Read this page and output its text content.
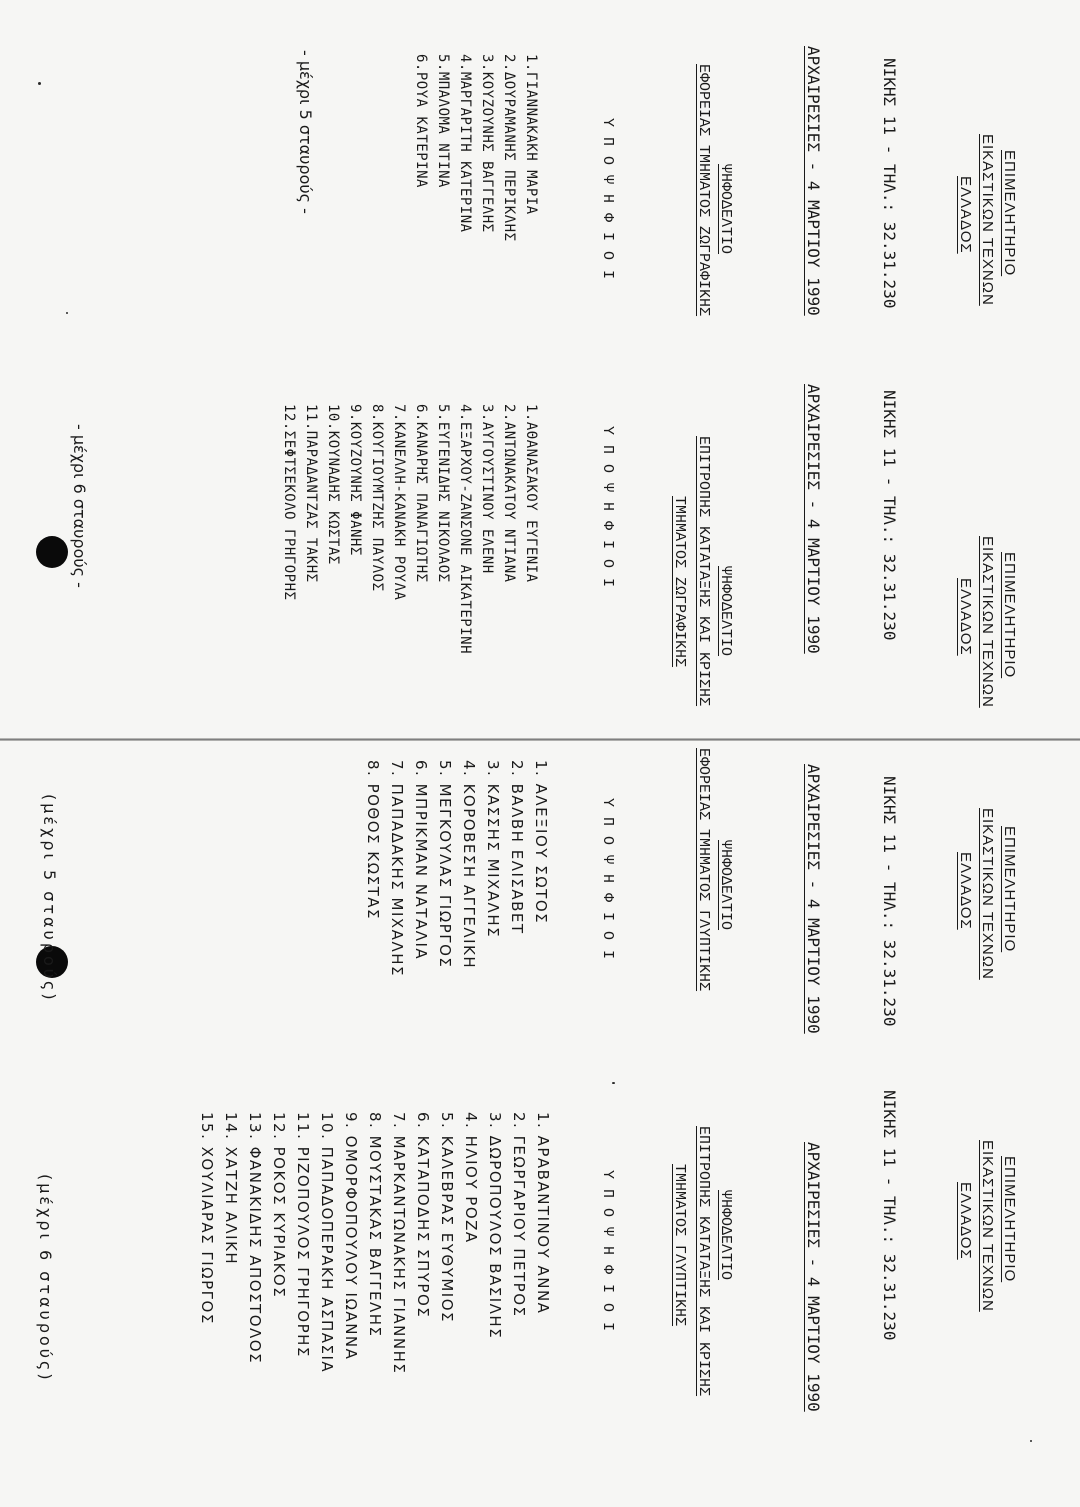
ΕΠΙΜΕΛΗΤΗΡΙΟ
ΕΙΚΑΣΤΙΚΩΝ ΤΕΧΝΩΝ
ΕΛΛΑΔΟΣ
ΝΙΚΗΣ 11 - ΤΗΛ.: 32.31.230
ΑΡΧΑΙΡΕΣΙΕΣ - 4 ΜΑΡΤΙΟΥ 1990
ΨΗΦΟΔΕΛΤΙΟ
ΕΦΟΡΕΙΑΣ ΤΜΗΜΑΤΟΣ ΖΩΓΡΑΦΙΚΗΣ
ΥΠΟΨΗΦΙΟΙ
1.ΓΙΑΝΝΑΚΑΚΗ ΜΑΡΙΑ
2.ΔΟΥΡΑΜΑΝΗΣ ΠΕΡΙΚΛΗΣ
3.ΚΟΥΖΟΥΝΗΣ ΒΑΓΓΕΛΗΣ
4.ΜΑΡΓΑΡΙΤΗ ΚΑΤΕΡΙΝΑ
5.ΜΠΑΛΟΜΑ ΝΤΙΝΑ
6.ΡΟΥΑ ΚΑΤΕΡΙΝΑ
- μέχρι 5 σταυρούς -
ΕΠΙΜΕΛΗΤΗΡΙΟ
ΕΙΚΑΣΤΙΚΩΝ ΤΕΧΝΩΝ
ΕΛΛΑΔΟΣ
ΝΙΚΗΣ 11 - ΤΗΛ.: 32.31.230
ΑΡΧΑΙΡΕΣΙΕΣ - 4 ΜΑΡΤΙΟΥ 1990
ΨΗΦΟΔΕΛΤΙΟ
ΕΠΙΤΡΟΠΗΣ ΚΑΤΑΤΑΞΗΣ ΚΑΙ ΚΡΙΣΗΣ
ΤΜΗΜΑΤΟΣ ΖΩΓΡΑΦΙΚΗΣ
ΥΠΟΨΗΦΙΟΙ
1.ΑΘΑΝΑΣΑΚΟΥ ΕΥΓΕΝΙΑ
2.ΑΝΤΩΝΑΚΑΤΟΥ ΝΤΙΑΝΑ
3.ΑΥΓΟΥΣΤΙΝΟΥ ΕΛΕΝΗ
4.ΕΞΑΡΧΟΥ-ΖΑΝΣΟΝΕ ΑΙΚΑΤΕΡΙΝΗ
5.ΕΥΓΕΝΙΔΗΣ ΝΙΚΟΛΑΟΣ
6.ΚΑΝΑΡΗΣ ΠΑΝΑΓΙΩΤΗΣ
7.ΚΑΝΕΛΛΗ-ΚΑΝΑΚΗ ΡΟΥΛΑ
8.ΚΟΥΓΙΟΥΜΤΖΗΣ ΠΑΥΛΟΣ
9.ΚΟΥΖΟΥΝΗΣ ΦΑΝΗΣ
10.ΚΟΥΝΑΔΗΣ ΚΩΣΤΑΣ
11.ΠΑΡΑΔΑΝΤΖΑΣ ΤΑΚΗΣ
12.ΣΕΦΤΣΕΚΟΛΟ ΓΡΗΓΟΡΗΣ
- μέχρι 6 σταυρούς -
ΕΠΙΜΕΛΗΤΗΡΙΟ
ΕΙΚΑΣΤΙΚΩΝ ΤΕΧΝΩΝ
ΕΛΛΑΔΟΣ
ΝΙΚΗΣ 11 - ΤΗΛ.: 32.31.230
ΑΡΧΑΙΡΕΣΙΕΣ - 4 ΜΑΡΤΙΟΥ 1990
ΨΗΦΟΔΕΛΤΙΟ
ΕΦΟΡΕΙΑΣ ΤΜΗΜΑΤΟΣ ΓΛΥΠΤΙΚΗΣ
ΥΠΟΨΗΦΙΟΙ
1. ΑΛΕΞΙΟΥ ΣΩΤΟΣ
2. ΒΑΛΒΗ ΕΛΙΣΑΒΕΤ
3. ΚΑΣΣΗΣ ΜΙΧΑΛΗΣ
4. ΚΟΡΟΒΕΣΗ ΑΓΓΕΛΙΚΗ
5. ΜΕΓΚΟΥΛΑΣ ΓΙΩΡΓΟΣ
6. ΜΠΡΙΚΜΑΝ ΝΑΤΑΛΙΑ
7. ΠΑΠΑΔΑΚΗΣ ΜΙΧΑΛΗΣ
8. ΡΟΘΟΣ ΚΩΣΤΑΣ
(μέχρι 5 σταυρούς)
ΕΠΙΜΕΛΗΤΗΡΙΟ
ΕΙΚΑΣΤΙΚΩΝ ΤΕΧΝΩΝ
ΕΛΛΑΔΟΣ
ΝΙΚΗΣ 11 - ΤΗΛ.: 32.31.230
ΑΡΧΑΙΡΕΣΙΕΣ - 4 ΜΑΡΤΙΟΥ 1990
ΨΗΦΟΔΕΛΤΙΟ
ΕΠΙΤΡΟΠΗΣ ΚΑΤΑΤΑΞΗΣ ΚΑΙ ΚΡΙΣΗΣ
ΤΜΗΜΑΤΟΣ ΓΛΥΠΤΙΚΗΣ
ΥΠΟΨΗΦΙΟΙ
1. ΑΡΑΒΑΝΤΙΝΟΥ ΑΝΝΑ
2. ΓΕΩΡΓΑΡΙΟΥ ΠΕΤΡΟΣ
3. ΔΩΡΟΠΟΥΛΟΣ ΒΑΣΙΛΗΣ
4. ΗΛΙΟΥ ΡΟΖΑ
5. ΚΑΛΕΒΡΑΣ ΕΥΘΥΜΙΟΣ
6. ΚΑΤΑΠΟΔΗΣ ΣΠΥΡΟΣ
7. ΜΑΡΚΑΝΤΩΝΑΚΗΣ ΓΙΑΝΝΗΣ
8. ΜΟΥΣΤΑΚΑΣ ΒΑΓΓΕΛΗΣ
9. ΟΜΟΡΦΟΠΟΥΛΟΥ ΙΩΑΝΝΑ
10. ΠΑΠΑΔΟΠΕΡΑΚΗ ΑΣΠΑΣΙΑ
11. ΡΙΖΟΠΟΥΛΟΣ ΓΡΗΓΟΡΗΣ
12. ΡΟΚΟΣ ΚΥΡΙΑΚΟΣ
13. ΦΑΝΑΚΙΔΗΣ ΑΠΟΣΤΟΛΟΣ
14. ΧΑΤΖΗ ΑΛΙΚΗ
15. ΧΟΥΛΙΑΡΑΣ ΓΙΩΡΓΟΣ
(μέχρι 6 σταυρούς)
